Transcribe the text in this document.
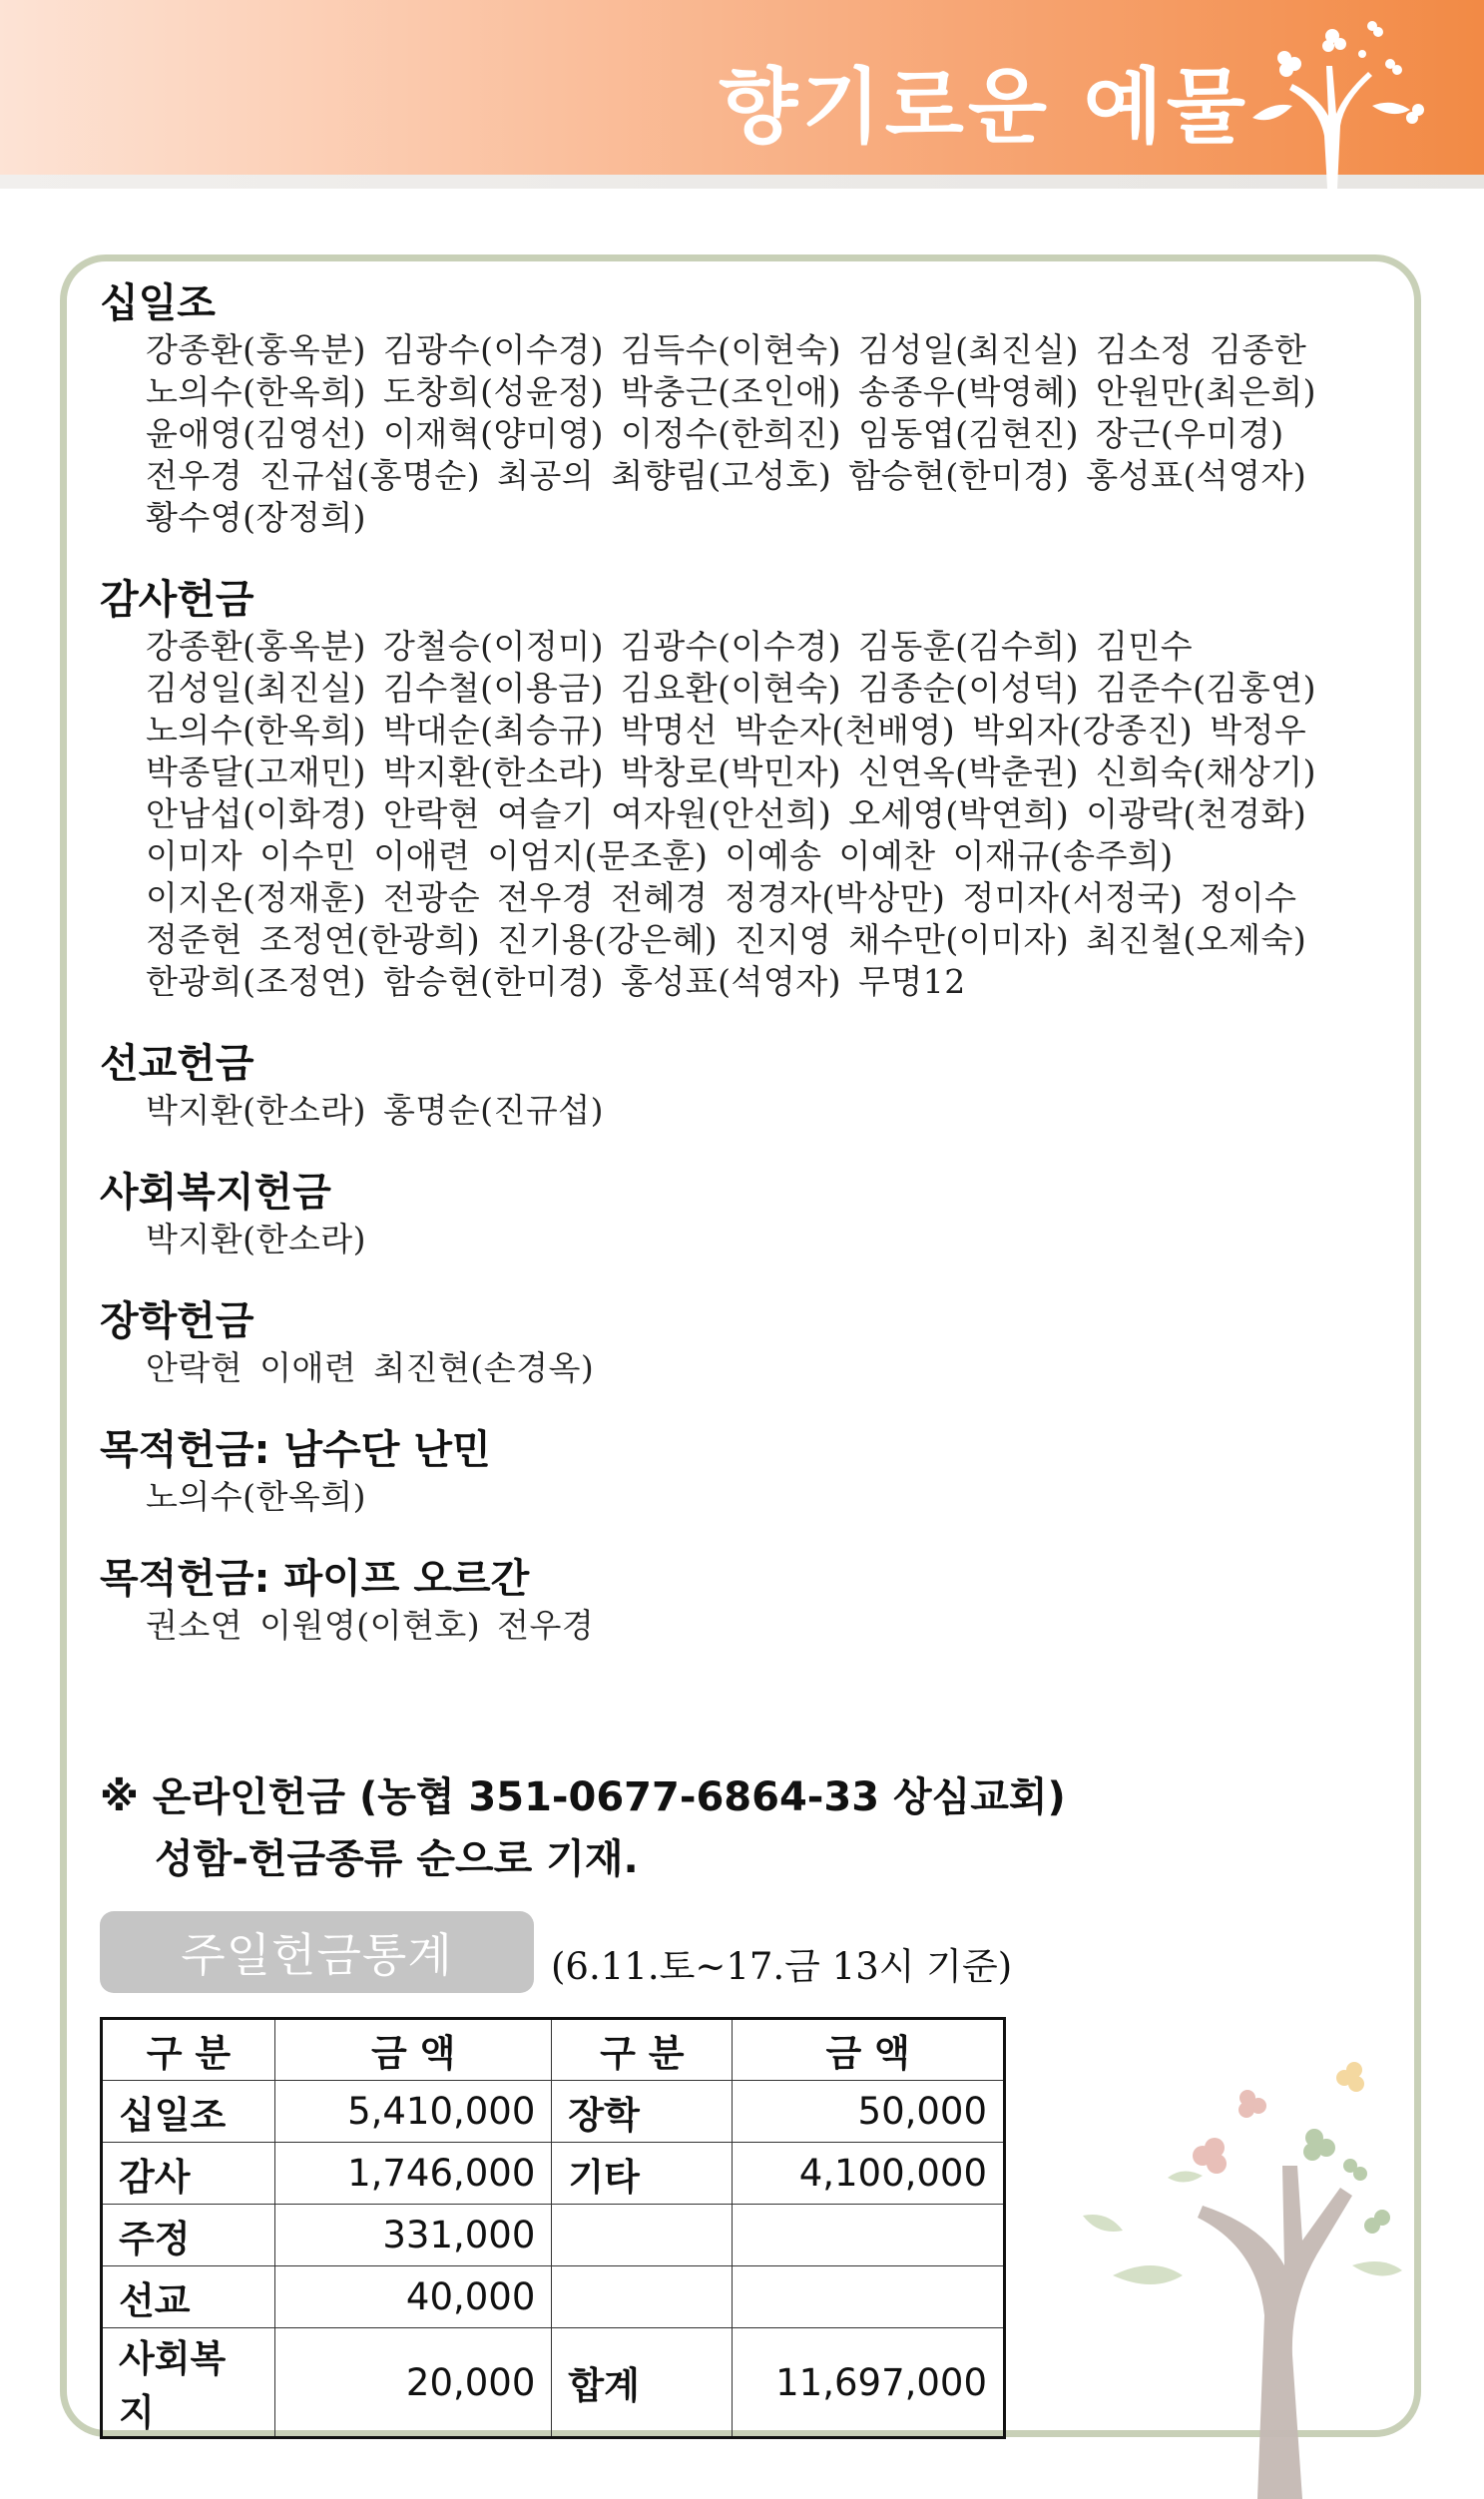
향기로운 예물
십일조
강종환(홍옥분) 김광수(이수경) 김득수(이현숙) 김성일(최진실) 김소정 김종한
노의수(한옥희) 도창희(성윤정) 박충근(조인애) 송종우(박영혜) 안원만(최은희)
윤애영(김영선) 이재혁(양미영) 이정수(한희진) 임동엽(김현진) 장근(우미경)
전우경 진규섭(홍명순) 최공의 최향림(고성호) 함승현(한미경) 홍성표(석영자)
황수영(장정희)
감사헌금
강종환(홍옥분) 강철승(이정미) 김광수(이수경) 김동훈(김수희) 김민수
김성일(최진실) 김수철(이용금) 김요환(이현숙) 김종순(이성덕) 김준수(김홍연)
노의수(한옥희) 박대순(최승규) 박명선 박순자(천배영) 박외자(강종진) 박정우
박종달(고재민) 박지환(한소라) 박창로(박민자) 신연옥(박춘권) 신희숙(채상기)
안남섭(이화경) 안락현 여슬기 여자원(안선희) 오세영(박연희) 이광락(천경화)
이미자 이수민 이애련 이엄지(문조훈) 이예송 이예찬 이재규(송주희)
이지온(정재훈) 전광순 전우경 전혜경 정경자(박상만) 정미자(서정국) 정이수
정준현 조정연(한광희) 진기용(강은혜) 진지영 채수만(이미자) 최진철(오제숙)
한광희(조정연) 함승현(한미경) 홍성표(석영자) 무명12
선교헌금
박지환(한소라) 홍명순(진규섭)
사회복지헌금
박지환(한소라)
장학헌금
안락현 이애련 최진현(손경옥)
목적헌금: 남수단 난민
노의수(한옥희)
목적헌금: 파이프 오르간
권소연 이원영(이현호) 전우경
※ 온라인헌금 (농협 351-0677-6864-33 상심교회)
성함-헌금종류 순으로 기재.
주일헌금통계	(6.11.토~17.금 13시 기준)
구 분	금 액	구 분	금 액
십일조	5,410,000	장학	50,000
감사	1,746,000	기타	4,100,000
주정	331,000		
선교	40,000		
사회복지	20,000	합계	11,697,000
